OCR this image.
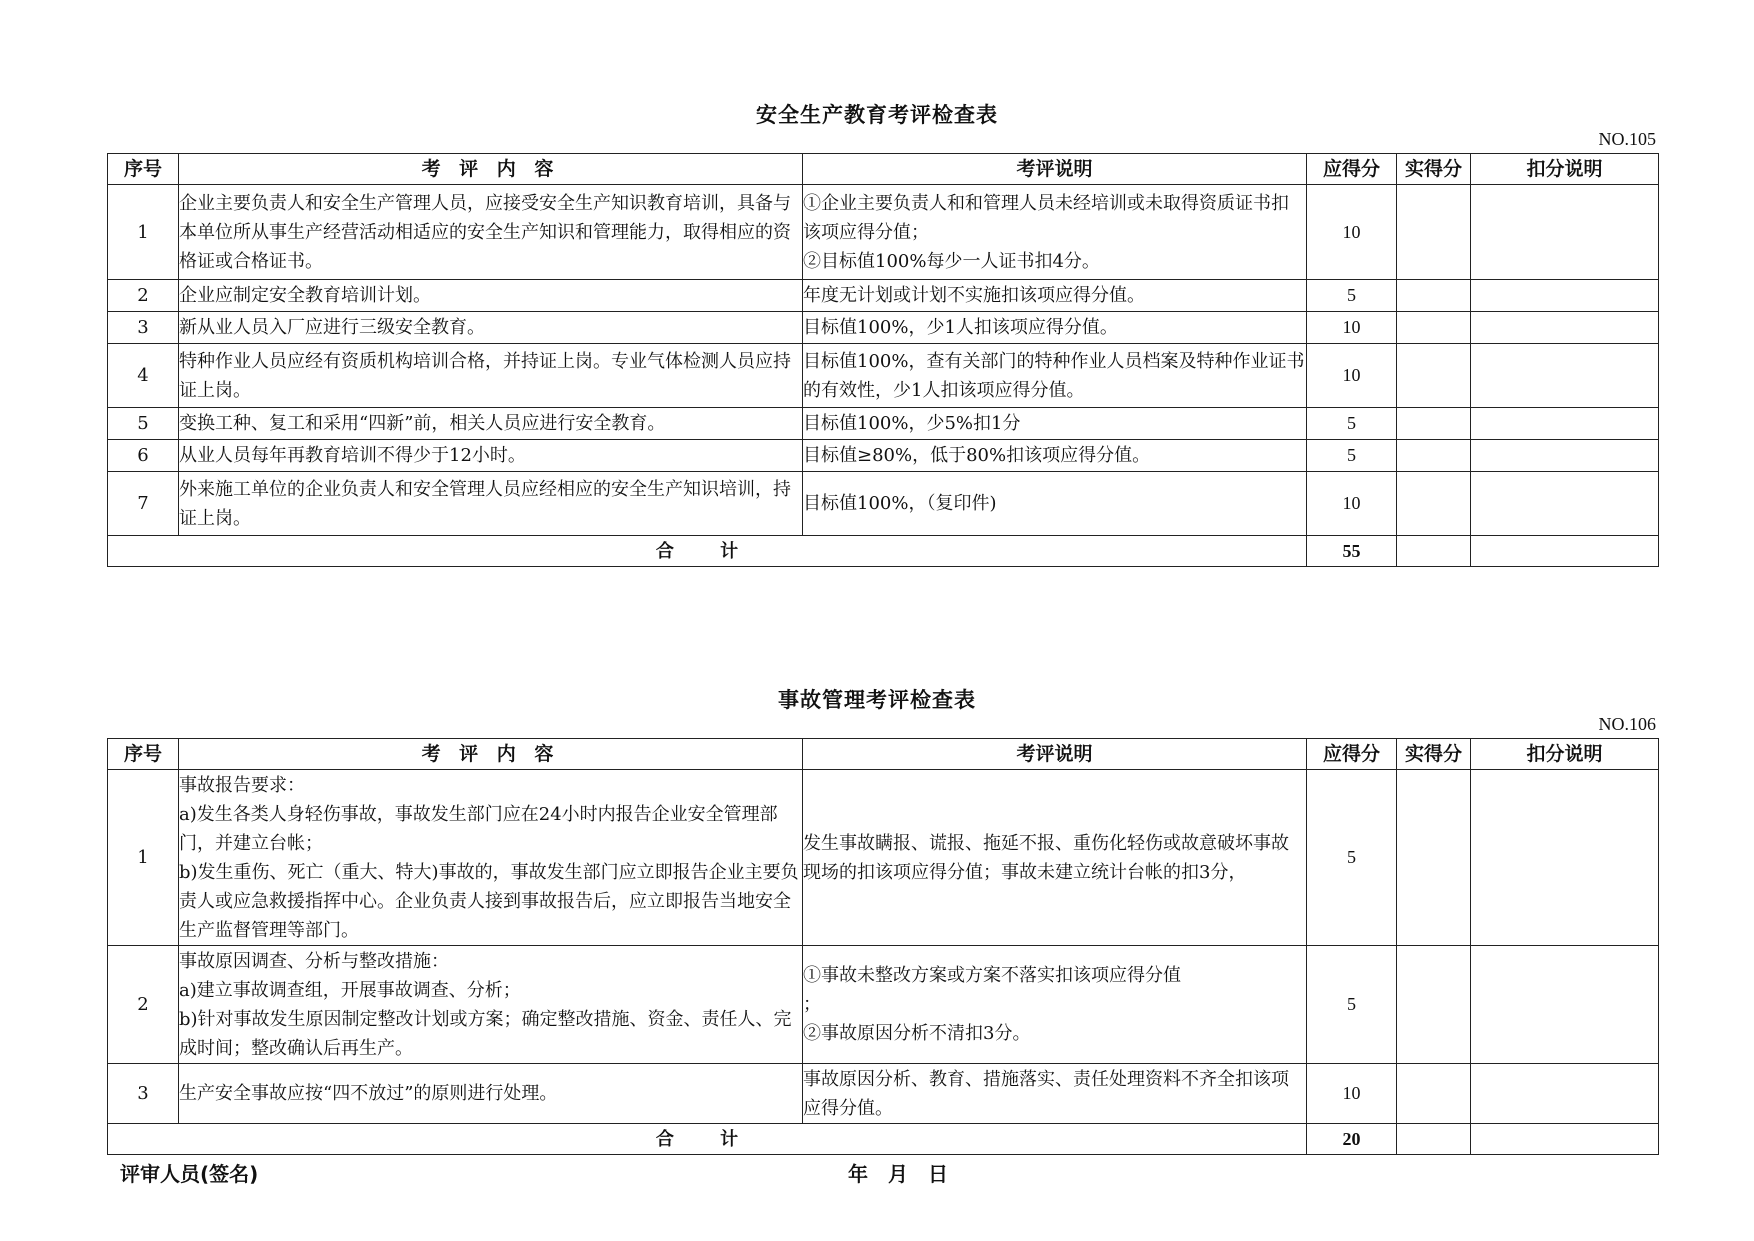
安全生产教育考评检查表
NO.105
序号	考 评 内 容	考评说明	应得分	实得分	扣分说明
1	企业主要负责人和安全生产管理人员，应接受安全生产知识教育培训，具备与本单位所从事生产经营活动相适应的安全生产知识和管理能力，取得相应的资格证或合格证书。	①企业主要负责人和和管理人员未经培训或未取得资质证书扣该项应得分值；
②目标值100%每少一人证书扣4分。	10		
2	企业应制定安全教育培训计划。	年度无计划或计划不实施扣该项应得分值。	5		
3	新从业人员入厂应进行三级安全教育。	目标值100%，少1人扣该项应得分值。	10		
4	特种作业人员应经有资质机构培训合格，并持证上岗。专业气体检测人员应持证上岗。	目标值100%，查有关部门的特种作业人员档案及特种作业证书的有效性，少1人扣该项应得分值。	10		
5	变换工种、复工和采用“四新”前，相关人员应进行安全教育。	目标值100%，少5%扣1分	5		
6	从业人员每年再教育培训不得少于12小时。	目标值≥80%，低于80%扣该项应得分值。	5		
7	外来施工单位的企业负责人和安全管理人员应经相应的安全生产知识培训，持证上岗。	目标值100%，（复印件)	10		
合 计			55		
事故管理考评检查表
NO.106
序号	考 评 内 容	考评说明	应得分	实得分	扣分说明
1	事故报告要求：
a)发生各类人身轻伤事故，事故发生部门应在24小时内报告企业安全管理部门，并建立台帐；
b)发生重伤、死亡（重大、特大)事故的，事故发生部门应立即报告企业主要负责人或应急救援指挥中心。企业负责人接到事故报告后，应立即报告当地安全生产监督管理等部门。	发生事故瞒报、谎报、拖延不报、重伤化轻伤或故意破坏事故现场的扣该项应得分值；事故未建立统计台帐的扣3分，	5		
2	事故原因调查、分析与整改措施：
a)建立事故调查组，开展事故调查、分析；
b)针对事故发生原因制定整改计划或方案；确定整改措施、资金、责任人、完成时间；整改确认后再生产。	①事故未整改方案或方案不落实扣该项应得分值
；
②事故原因分析不清扣3分。	5		
3	生产安全事故应按“四不放过”的原则进行处理。	事故原因分析、教育、措施落实、责任处理资料不齐全扣该项应得分值。	10		
合 计			20		
评审人员(签名)	年　月　日
